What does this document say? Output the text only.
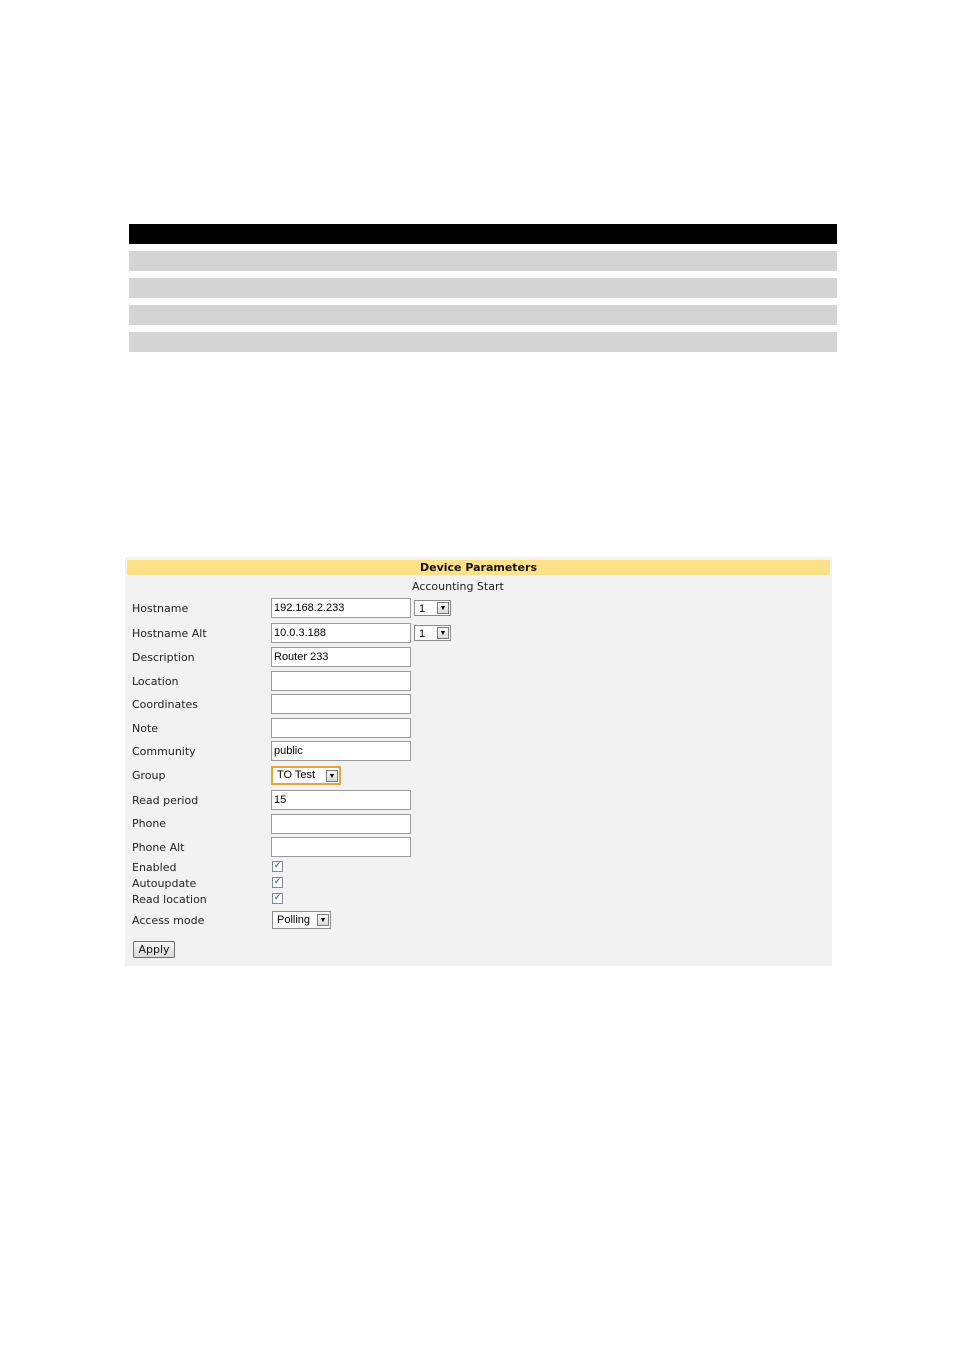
Device Parameters
Accounting Start
Hostname	192.168.2.233	1	▼
Hostname Alt	10.0.3.188	1	▼
Description	Router 233
Location
Coordinates
Note
Community	public
Group	TO Test	▼
Read period	15
Phone
Phone Alt
Enabled	✓
Autoupdate	✓
Read location	✓
Access mode	Polling	▼
Apply
